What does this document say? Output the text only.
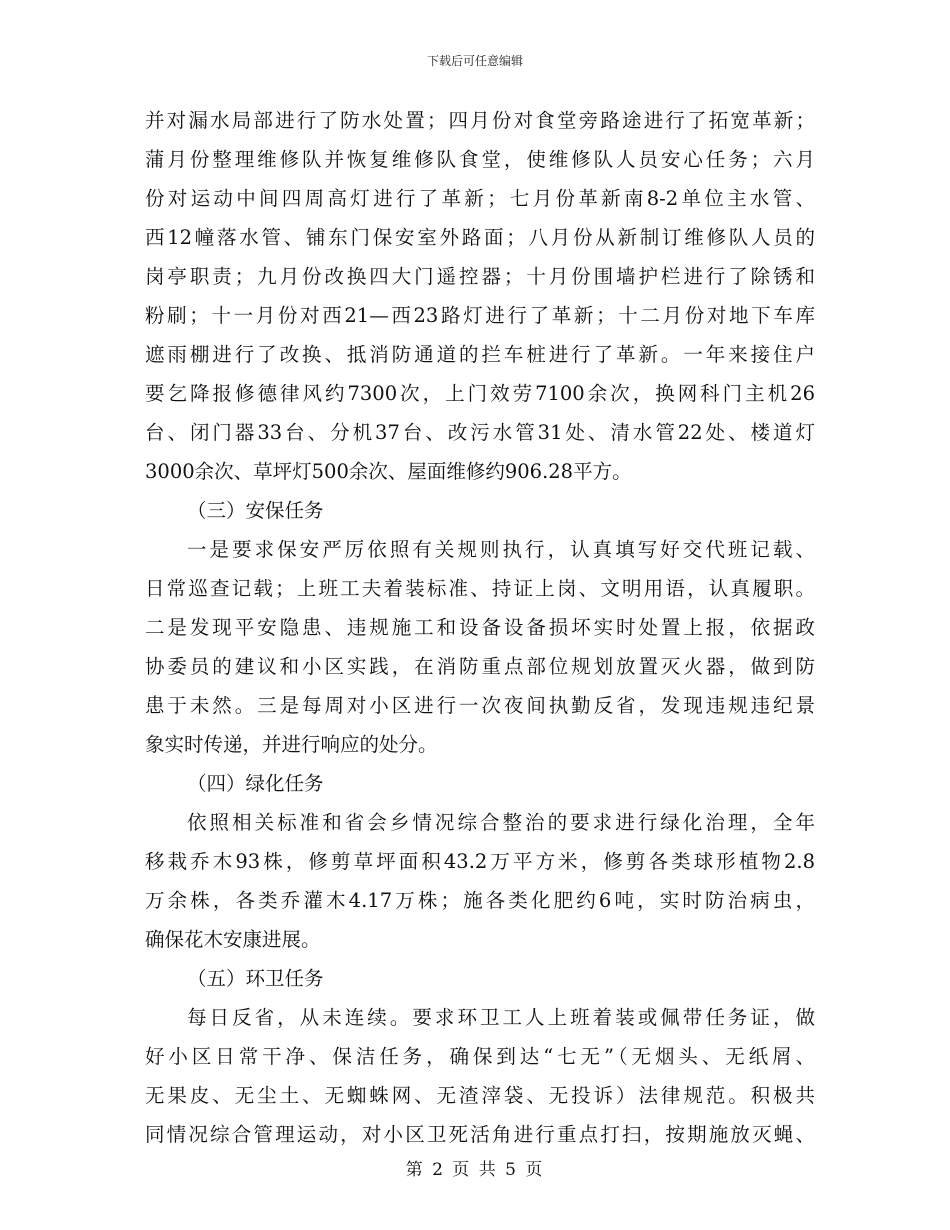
下载后可任意编辑
并对漏水局部进行了防水处置；四月份对食堂旁路途进行了拓宽革新；
蒲月份整理维修队并恢复维修队食堂，使维修队人员安心任务；六月
份对运动中间四周高灯进行了革新；七月份革新南8-2单位主水管、
西12幢落水管、铺东门保安室外路面；八月份从新制订维修队人员的
岗亭职责；九月份改换四大门遥控器；十月份围墙护栏进行了除锈和
粉刷；十一月份对西21—西23路灯进行了革新；十二月份对地下车库
遮雨棚进行了改换、抵消防通道的拦车桩进行了革新。一年来接住户
要乞降报修德律风约7300次，上门效劳7100余次，换网科门主机26
台、闭门器33台、分机37台、改污水管31处、清水管22处、楼道灯
3000余次、草坪灯500余次、屋面维修约906.28平方。
（三）安保任务
一是要求保安严厉依照有关规则执行，认真填写好交代班记载、
日常巡查记载；上班工夫着装标准、持证上岗、文明用语，认真履职。
二是发现平安隐患、违规施工和设备设备损坏实时处置上报，依据政
协委员的建议和小区实践，在消防重点部位规划放置灭火器，做到防
患于未然。三是每周对小区进行一次夜间执勤反省，发现违规违纪景
象实时传递，并进行响应的处分。
（四）绿化任务
依照相关标准和省会乡情况综合整治的要求进行绿化治理，全年
移栽乔木93株，修剪草坪面积43.2万平方米，修剪各类球形植物2.8
万余株，各类乔灌木4.17万株；施各类化肥约6吨，实时防治病虫，
确保花木安康进展。
（五）环卫任务
每日反省，从未连续。要求环卫工人上班着装或佩带任务证，做
好小区日常干净、保洁任务，确保到达“七无”（无烟头、无纸屑、
无果皮、无尘土、无蜘蛛网、无渣滓袋、无投诉）法律规范。积极共
同情况综合管理运动，对小区卫死活角进行重点打扫，按期施放灭蝇、
第 2 页 共 5 页
